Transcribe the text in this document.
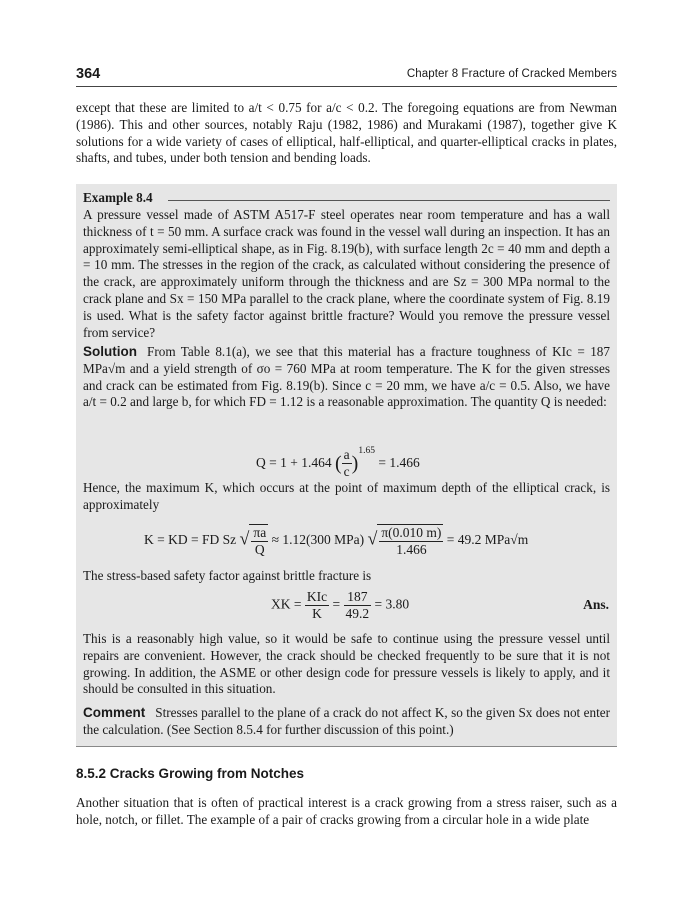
364	Chapter 8 Fracture of Cracked Members

except that these are limited to a/t < 0.75 for a/c < 0.2. The foregoing equations are from Newman (1986). This and other sources, notably Raju (1982, 1986) and Murakami (1987), together give K solutions for a wide variety of cases of elliptical, half-elliptical, and quarter-elliptical cracks in plates, shafts, and tubes, under both tension and bending loads.

Example 8.4

A pressure vessel made of ASTM A517-F steel operates near room temperature and has a wall thickness of t = 50 mm. A surface crack was found in the vessel wall during an inspection. It has an approximately semi-elliptical shape, as in Fig. 8.19(b), with surface length 2c = 40 mm and depth a = 10 mm. The stresses in the region of the crack, as calculated without considering the presence of the crack, are approximately uniform through the thickness and are Sz = 300 MPa normal to the crack plane and Sx = 150 MPa parallel to the crack plane, where the coordinate system of Fig. 8.19 is used. What is the safety factor against brittle fracture? Would you remove the pressure vessel from service?

Solution From Table 8.1(a), we see that this material has a fracture toughness of KIc = 187 MPa√m and a yield strength of σo = 760 MPa at room temperature. The K for the given stresses and crack can be estimated from Fig. 8.19(b). Since c = 20 mm, we have a/c = 0.5. Also, we have a/t = 0.2 and large b, for which FD = 1.12 is a reasonable approximation. The quantity Q is needed:

Q = 1 + 1.464 ( $\frac{a}{c} )^{1.65} = 1.466$

Hence, the maximum K, which occurs at the point of maximum depth of the elliptical crack, is approximately

K = KD = FD Sz √ $\frac{\pi a}{Q} \approx 1.12(300$ MPa) √ $\frac{\pi(0.010 m)}{1.466} = 49.2$ MPa√m

The stress-based safety factor against brittle fracture is

XK = $\frac{\text{KIc}}{K} = \frac{187}{49.2} = 3.80$	Ans.

This is a reasonably high value, so it would be safe to continue using the pressure vessel until repairs are convenient. However, the crack should be checked frequently to be sure that it is not growing. In addition, the ASME or other design code for pressure vessels is likely to apply, and it should be consulted in this situation.

Comment Stresses parallel to the plane of a crack do not affect K, so the given Sx does not enter the calculation. (See Section 8.5.4 for further discussion of this point.)

8.5.2 Cracks Growing from Notches

Another situation that is often of practical interest is a crack growing from a stress raiser, such as a hole, notch, or fillet. The example of a pair of cracks growing from a circular hole in a wide plate
